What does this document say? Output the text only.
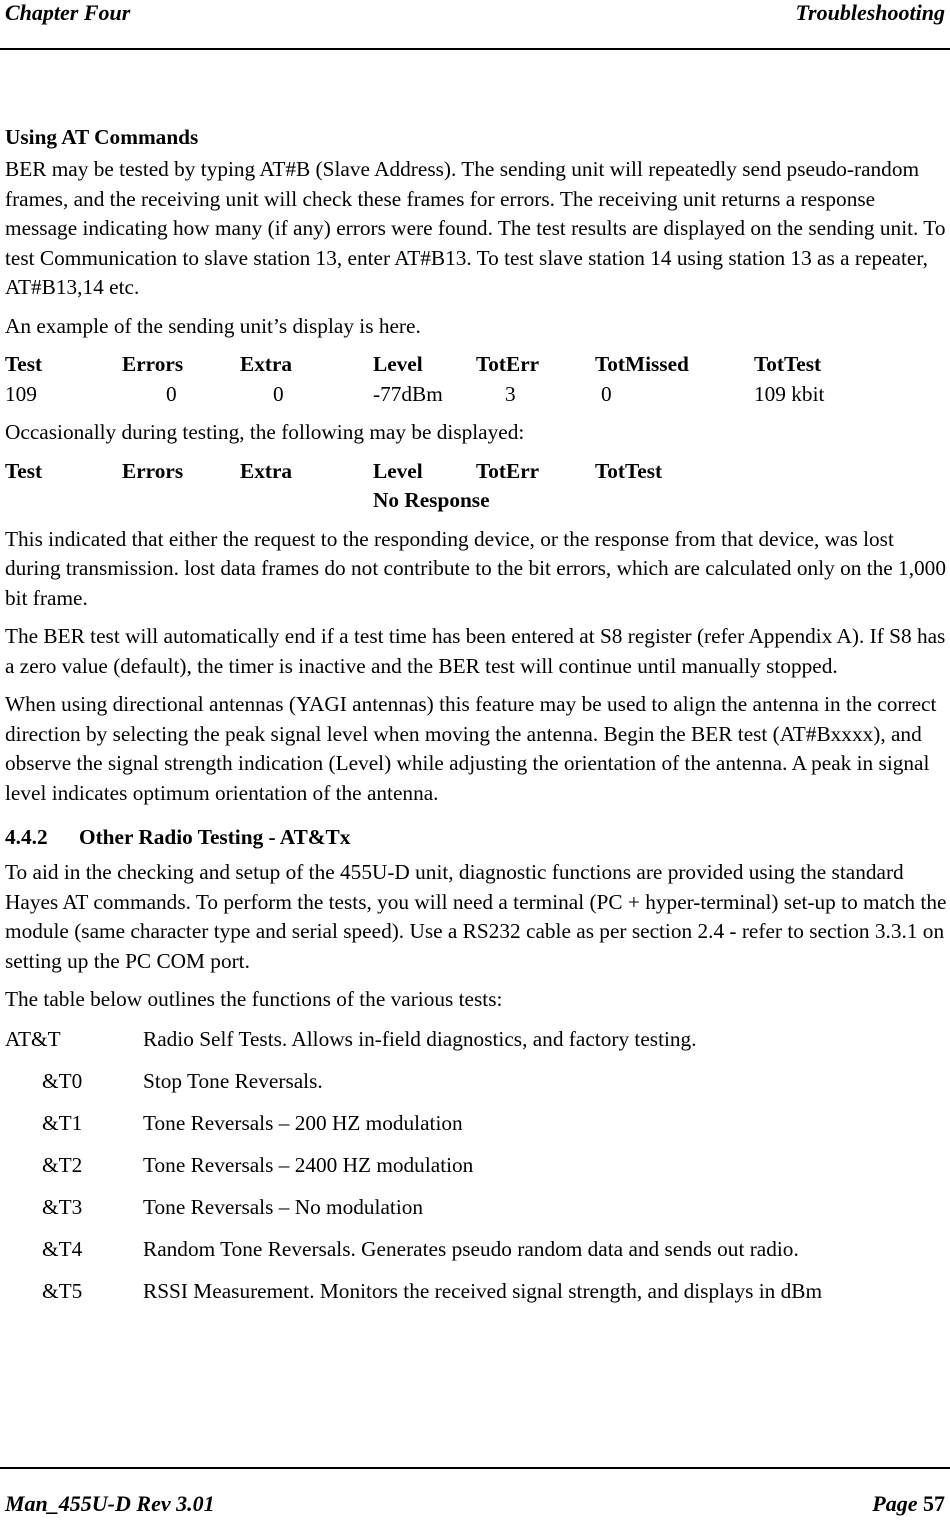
Chapter Four	Troubleshooting
Using AT Commands

BER may be tested by typing AT#B (Slave Address). The sending unit will repeatedly send pseudo-random frames, and the receiving unit will check these frames for errors. The receiving unit returns a response message indicating how many (if any) errors were found. The test results are displayed on the sending unit. To test Communication to slave station 13, enter AT#B13. To test slave station 14 using station 13 as a repeater, AT#B13,14 etc.

An example of the sending unit’s display is here.

Test	Errors	Extra	Level	TotErr	TotMissed	TotTest
109	0	0	-77dBm	3	0	109 kbit

Occasionally during testing, the following may be displayed:

Test	Errors	Extra	Level	TotErr	TotTest
No Response

This indicated that either the request to the responding device, or the response from that device, was lost during transmission. lost data frames do not contribute to the bit errors, which are calculated only on the 1,000 bit frame.

The BER test will automatically end if a test time has been entered at S8 register (refer Appendix A). If S8 has a zero value (default), the timer is inactive and the BER test will continue until manually stopped.

When using directional antennas (YAGI antennas) this feature may be used to align the antenna in the correct direction by selecting the peak signal level when moving the antenna. Begin the BER test (AT#Bxxxx), and observe the signal strength indication (Level) while adjusting the orientation of the antenna. A peak in signal level indicates optimum orientation of the antenna.

4.4.2 Other Radio Testing - AT&Tx

To aid in the checking and setup of the 455U-D unit, diagnostic functions are provided using the standard Hayes AT commands. To perform the tests, you will need a terminal (PC + hyper-terminal) set-up to match the module (same character type and serial speed). Use a RS232 cable as per section 2.4 - refer to section 3.3.1 on setting up the PC COM port.

The table below outlines the functions of the various tests:

AT&T	Radio Self Tests. Allows in-field diagnostics, and factory testing.
&T0	Stop Tone Reversals.
&T1	Tone Reversals – 200 HZ modulation
&T2	Tone Reversals – 2400 HZ modulation
&T3	Tone Reversals – No modulation
&T4	Random Tone Reversals. Generates pseudo random data and sends out radio.
&T5	RSSI Measurement. Monitors the received signal strength, and displays in dBm
Man_455U-D Rev 3.01	Page 57
